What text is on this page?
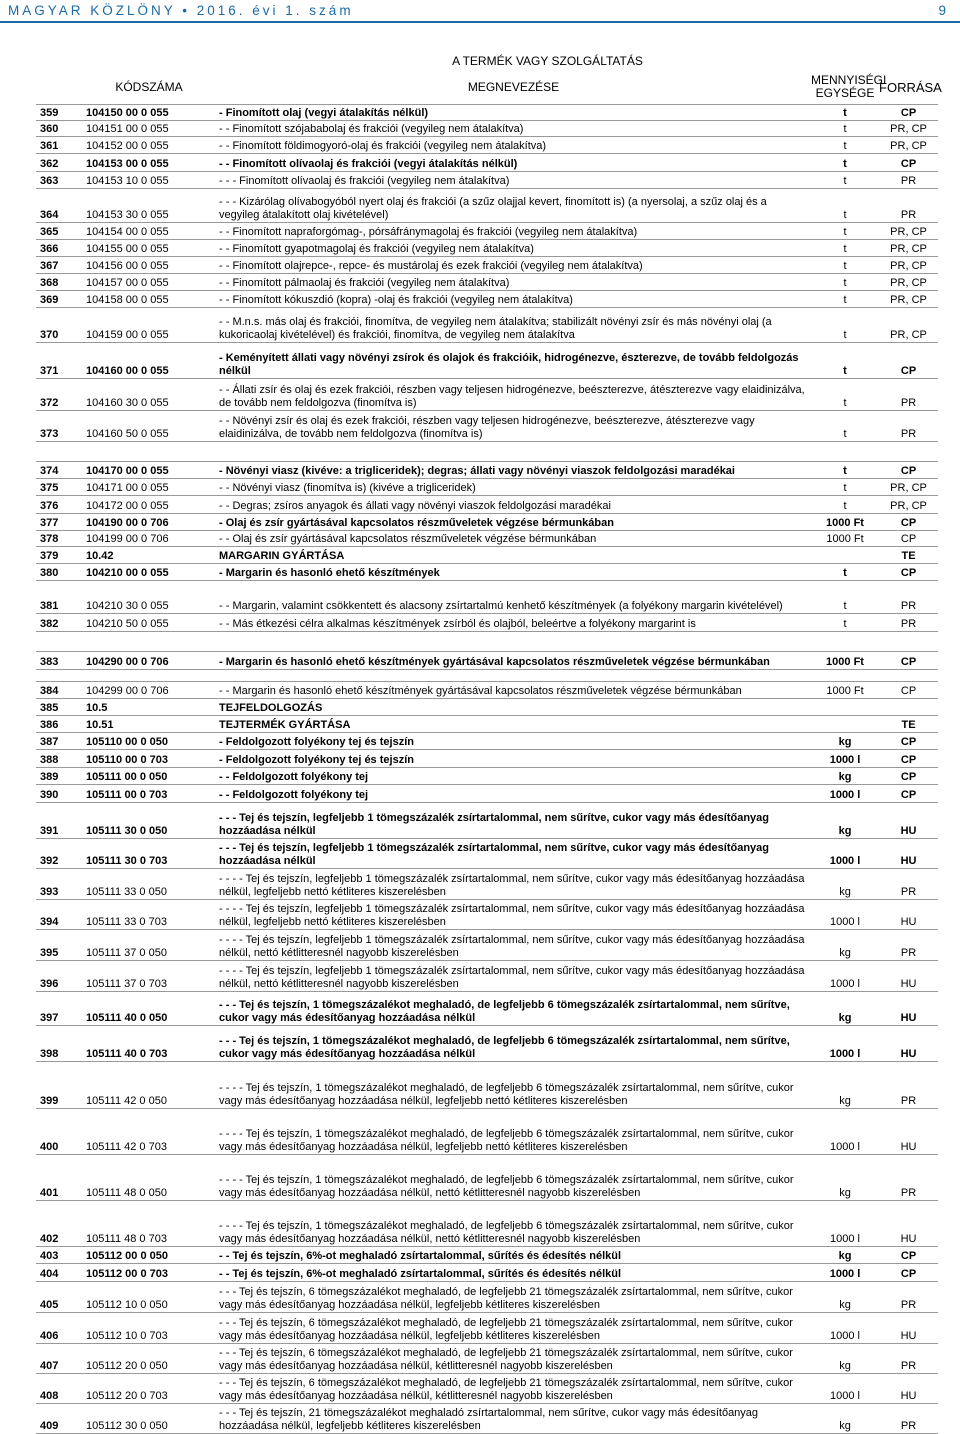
MAGYAR KÖZLÖNY • 2016. évi 1. szám	9
		A TERMÉK VAGY SZOLGÁLTATÁS		
	KÓDSZÁMA	MEGNEVEZÉSE	MENNYISÉGI EGYSÉGE	FORRÁSA
359	104150 00 0 055	- Finomított olaj (vegyi átalakítás nélkül)	t	CP
360	104151 00 0 055	- - Finomított szójababolaj és frakciói (vegyileg nem átalakítva)	t	PR, CP
361	104152 00 0 055	- - Finomított földimogyoró-olaj és frakciói (vegyileg nem átalakítva)	t	PR, CP
362	104153 00 0 055	- - Finomított olívaolaj és frakciói (vegyi átalakítás nélkül)	t	CP
363	104153 10 0 055	- - - Finomított olívaolaj és frakciói (vegyileg nem átalakítva)	t	PR
364	104153 30 0 055	- - - Kizárólag olívabogyóból nyert olaj és frakciói (a szűz olajjal kevert, finomított is) (a nyersolaj, a szűz olaj és a vegyileg átalakított olaj kivételével)	t	PR
365	104154 00 0 055	- - Finomított napraforgómag-, pórsáfránymagolaj és frakciói (vegyileg nem átalakítva)	t	PR, CP
366	104155 00 0 055	- - Finomított gyapotmagolaj és frakciói (vegyileg nem átalakítva)	t	PR, CP
367	104156 00 0 055	- - Finomított olajrepce-, repce- és mustárolaj és ezek frakciói (vegyileg nem átalakítva)	t	PR, CP
368	104157 00 0 055	- - Finomított pálmaolaj és frakciói (vegyileg nem átalakítva)	t	PR, CP
369	104158 00 0 055	- - Finomított kókuszdió (kopra) -olaj és frakciói (vegyileg nem átalakítva)	t	PR, CP
370	104159 00 0 055	- - M.n.s. más olaj és frakciói, finomítva, de vegyileg nem átalakítva; stabilizált növényi zsír és más növényi olaj (a kukoricaolaj kivételével) és frakciói, finomítva, de vegyileg nem átalakítva	t	PR, CP
371	104160 00 0 055	- Keményített állati vagy növényi zsírok és olajok és frakcióik, hidrogénezve, észterezve, de tovább feldolgozás nélkül	t	CP
372	104160 30 0 055	- - Állati zsír és olaj és ezek frakciói, részben vagy teljesen hidrogénezve, beészterezve, átészterezve vagy elaidinizálva, de tovább nem feldolgozva (finomítva is)	t	PR
373	104160 50 0 055	- - Növényi zsír és olaj és ezek frakciói, részben vagy teljesen hidrogénezve, beészterezve, átészterezve vagy elaidinizálva, de tovább nem feldolgozva (finomítva is)	t	PR

374	104170 00 0 055	- Növényi viasz (kivéve: a trigliceridek); degras; állati vagy növényi viaszok feldolgozási maradékai	t	CP
375	104171 00 0 055	- - Növényi viasz (finomítva is) (kivéve a trigliceridek)	t	PR, CP
376	104172 00 0 055	- - Degras; zsíros anyagok és állati vagy növényi viaszok feldolgozási maradékai	t	PR, CP
377	104190 00 0 706	- Olaj és zsír gyártásával kapcsolatos részműveletek végzése bérmunkában	1000 Ft	CP
378	104199 00 0 706	- - Olaj és zsír gyártásával kapcsolatos részműveletek végzése bérmunkában	1000 Ft	CP
379	10.42	MARGARIN GYÁRTÁSA		TE
380	104210 00 0 055	- Margarin és hasonló ehető készítmények	t	CP
381	104210 30 0 055	- - Margarin, valamint csökkentett és alacsony zsírtartalmú kenhető készítmények (a folyékony margarin kivételével)	t	PR
382	104210 50 0 055	- - Más étkezési célra alkalmas készítmények zsírból és olajból, beleértve a folyékony margarint is	t	PR

383	104290 00 0 706	- Margarin és hasonló ehető készítmények gyártásával kapcsolatos részműveletek végzése bérmunkában	1000 Ft	CP

384	104299 00 0 706	- - Margarin és hasonló ehető készítmények gyártásával kapcsolatos részműveletek végzése bérmunkában	1000 Ft	CP
385	10.5	TEJFELDOLGOZÁS		
386	10.51	TEJTERMÉK GYÁRTÁSA		TE
387	105110 00 0 050	- Feldolgozott folyékony tej és tejszín	kg	CP
388	105110 00 0 703	- Feldolgozott folyékony tej és tejszín	1000 l	CP
389	105111 00 0 050	- - Feldolgozott folyékony tej	kg	CP
390	105111 00 0 703	- - Feldolgozott folyékony tej	1000 l	CP
391	105111 30 0 050	- - - Tej és tejszín, legfeljebb 1 tömegszázalék zsírtartalommal, nem sűrítve, cukor vagy más édesítőanyag hozzáadása nélkül	kg	HU
392	105111 30 0 703	- - - Tej és tejszín, legfeljebb 1 tömegszázalék zsírtartalommal, nem sűrítve, cukor vagy más édesítőanyag hozzáadása nélkül	1000 l	HU
393	105111 33 0 050	- - - - Tej és tejszín, legfeljebb 1 tömegszázalék zsírtartalommal, nem sűrítve, cukor vagy más édesítőanyag hozzáadása nélkül, legfeljebb nettó kétliteres kiszerelésben	kg	PR
394	105111 33 0 703	- - - - Tej és tejszín, legfeljebb 1 tömegszázalék zsírtartalommal, nem sűrítve, cukor vagy más édesítőanyag hozzáadása nélkül, legfeljebb nettó kétliteres kiszerelésben	1000 l	HU
395	105111 37 0 050	- - - - Tej és tejszín, legfeljebb 1 tömegszázalék zsírtartalommal, nem sűrítve, cukor vagy más édesítőanyag hozzáadása nélkül, nettó kétlitteresnél nagyobb kiszerelésben	kg	PR
396	105111 37 0 703	- - - - Tej és tejszín, legfeljebb 1 tömegszázalék zsírtartalommal, nem sűrítve, cukor vagy más édesítőanyag hozzáadása nélkül, nettó kétlitteresnél nagyobb kiszerelésben	1000 l	HU
397	105111 40 0 050	- - - Tej és tejszín, 1 tömegszázalékot meghaladó, de legfeljebb 6 tömegszázalék zsírtartalommal, nem sűrítve, cukor vagy más édesítőanyag hozzáadása nélkül	kg	HU
398	105111 40 0 703	- - - Tej és tejszín, 1 tömegszázalékot meghaladó, de legfeljebb 6 tömegszázalék zsírtartalommal, nem sűrítve, cukor vagy más édesítőanyag hozzáadása nélkül	1000 l	HU
399	105111 42 0 050	- - - - Tej és tejszín, 1 tömegszázalékot meghaladó, de legfeljebb 6 tömegszázalék zsírtartalommal, nem sűrítve, cukor vagy más édesítőanyag hozzáadása nélkül, legfeljebb nettó kétliteres kiszerelésben	kg	PR
400	105111 42 0 703	- - - - Tej és tejszín, 1 tömegszázalékot meghaladó, de legfeljebb 6 tömegszázalék zsírtartalommal, nem sűrítve, cukor vagy más édesítőanyag hozzáadása nélkül, legfeljebb nettó kétliteres kiszerelésben	1000 l	HU
401	105111 48 0 050	- - - - Tej és tejszín, 1 tömegszázalékot meghaladó, de legfeljebb 6 tömegszázalék zsírtartalommal, nem sűrítve, cukor vagy más édesítőanyag hozzáadása nélkül, nettó kétlitteresnél nagyobb kiszerelésben	kg	PR
402	105111 48 0 703	- - - - Tej és tejszín, 1 tömegszázalékot meghaladó, de legfeljebb 6 tömegszázalék zsírtartalommal, nem sűrítve, cukor vagy más édesítőanyag hozzáadása nélkül, nettó kétlitteresnél nagyobb kiszerelésben	1000 l	HU
403	105112 00 0 050	- - Tej és tejszín, 6%-ot meghaladó zsírtartalommal, sűrítés és édesítés nélkül	kg	CP
404	105112 00 0 703	- - Tej és tejszín, 6%-ot meghaladó zsírtartalommal, sűrítés és édesítés nélkül	1000 l	CP
405	105112 10 0 050	- - - Tej és tejszín, 6 tömegszázalékot meghaladó, de legfeljebb 21 tömegszázalék zsírtartalommal, nem sűrítve, cukor vagy más édesítőanyag hozzáadása nélkül, legfeljebb kétliteres kiszerelésben	kg	PR
406	105112 10 0 703	- - - Tej és tejszín, 6 tömegszázalékot meghaladó, de legfeljebb 21 tömegszázalék zsírtartalommal, nem sűrítve, cukor vagy más édesítőanyag hozzáadása nélkül, legfeljebb kétliteres kiszerelésben	1000 l	HU
407	105112 20 0 050	- - - Tej és tejszín, 6 tömegszázalékot meghaladó, de legfeljebb 21 tömegszázalék zsírtartalommal, nem sűrítve, cukor vagy más édesítőanyag hozzáadása nélkül, kétlitteresnél nagyobb kiszerelésben	kg	PR
408	105112 20 0 703	- - - Tej és tejszín, 6 tömegszázalékot meghaladó, de legfeljebb 21 tömegszázalék zsírtartalommal, nem sűrítve, cukor vagy más édesítőanyag hozzáadása nélkül, kétlitteresnél nagyobb kiszerelésben	1000 l	HU
409	105112 30 0 050	- - - Tej és tejszín, 21 tömegszázalékot meghaladó zsírtartalommal, nem sűrítve, cukor vagy más édesítőanyag hozzáadása nélkül, legfeljebb kétliteres kiszerelésben	kg	PR
